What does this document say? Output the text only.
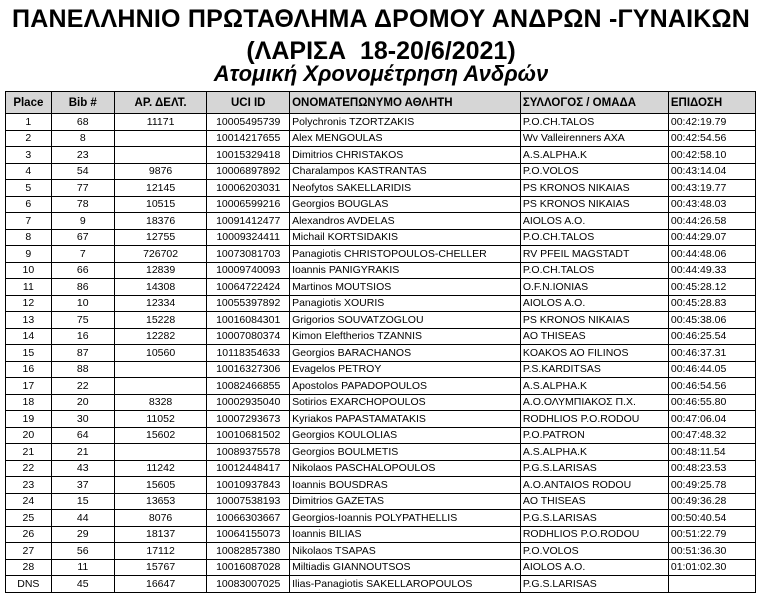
ΠΑΝΕΛΛΗΝΙΟ ΠΡΩΤΑΘΛΗΜΑ ΔΡΟΜΟΥ ΑΝΔΡΩΝ -ΓΥΝΑΙΚΩΝ
(ΛΑΡΙΣΑ  18-20/6/2021)
Ατομική Χρονομέτρηση Ανδρών
Place	Bib #	ΑΡ. ΔΕΛΤ.	UCI ID	ΟΝΟΜΑΤΕΠΩΝΥΜΟ ΑΘΛΗΤΗ	ΣΥΛΛΟΓΟΣ / ΟΜΑΔΑ	ΕΠΙΔΟΣΗ
1	68	11171	10005495739	Polychronis TZORTZAKIS	P.O.CH.TALOS	00:42:19.79
2	8		10014217655	Alex MENGOULAS	Wv Valleirenners AXA	00:42:54.56
3	23		10015329418	Dimitrios CHRISTAKOS	A.S.ALPHA.K	00:42:58.10
4	54	9876	10006897892	Charalampos KASTRANTAS	P.O.VOLOS	00:43:14.04
5	77	12145	10006203031	Neofytos SAKELLARIDIS	PS KRONOS NIKAIAS	00:43:19.77
6	78	10515	10006599216	Georgios BOUGLAS	PS KRONOS NIKAIAS	00:43:48.03
7	9	18376	10091412477	Alexandros AVDELAS	AIOLOS A.O.	00:44:26.58
8	67	12755	10009324411	Michail KORTSIDAKIS	P.O.CH.TALOS	00:44:29.07
9	7	726702	10073081703	Panagiotis CHRISTOPOULOS-CHELLER	RV PFEIL MAGSTADT	00:44:48.06
10	66	12839	10009740093	Ioannis PANIGYRAKIS	P.O.CH.TALOS	00:44:49.33
11	86	14308	10064722424	Martinos MOUTSIOS	O.F.N.IONIAS	00:45:28.12
12	10	12334	10055397892	Panagiotis XOURIS	AIOLOS A.O.	00:45:28.83
13	75	15228	10016084301	Grigorios SOUVATZOGLOU	PS KRONOS NIKAIAS	00:45:38.06
14	16	12282	10007080374	Kimon Eleftherios TZANNIS	AO THISEAS	00:46:25.54
15	87	10560	10118354633	Georgios BARACHANOS	KOAKOS AO FILINOS	00:46:37.31
16	88		10016327306	Evagelos PETROY	P.S.KARDITSAS	00:46:44.05
17	22		10082466855	Apostolos PAPADOPOULOS	A.S.ALPHA.K	00:46:54.56
18	20	8328	10002935040	Sotirios EXARCHOPOULOS	A.O.ΟΛΥΜΠΙΑΚΟΣ Π.Χ.	00:46:55.80
19	30	11052	10007293673	Kyriakos PAPASTAMATAKIS	RODHLIOS P.O.RODOU	00:47:06.04
20	64	15602	10010681502	Georgios KOULOLIAS	P.O.PATRON	00:47:48.32
21	21		10089375578	Georgios BOULMETIS	A.S.ALPHA.K	00:48:11.54
22	43	11242	10012448417	Nikolaos PASCHALOPOULOS	P.G.S.LARISAS	00:48:23.53
23	37	15605	10010937843	Ioannis BOUSDRAS	A.O.ANTAIOS RODOU	00:49:25.78
24	15	13653	10007538193	Dimitrios GAZETAS	AO THISEAS	00:49:36.28
25	44	8076	10066303667	Georgios-Ioannis POLYPATHELLIS	P.G.S.LARISAS	00:50:40.54
26	29	18137	10064155073	Ioannis BILIAS	RODHLIOS P.O.RODOU	00:51:22.79
27	56	17112	10082857380	Nikolaos TSAPAS	P.O.VOLOS	00:51:36.30
28	11	15767	10016087028	Miltiadis GIANNOUTSOS	AIOLOS A.O.	01:01:02.30
DNS	45	16647	10083007025	Ilias-Panagiotis SAKELLAROPOULOS	P.G.S.LARISAS	
